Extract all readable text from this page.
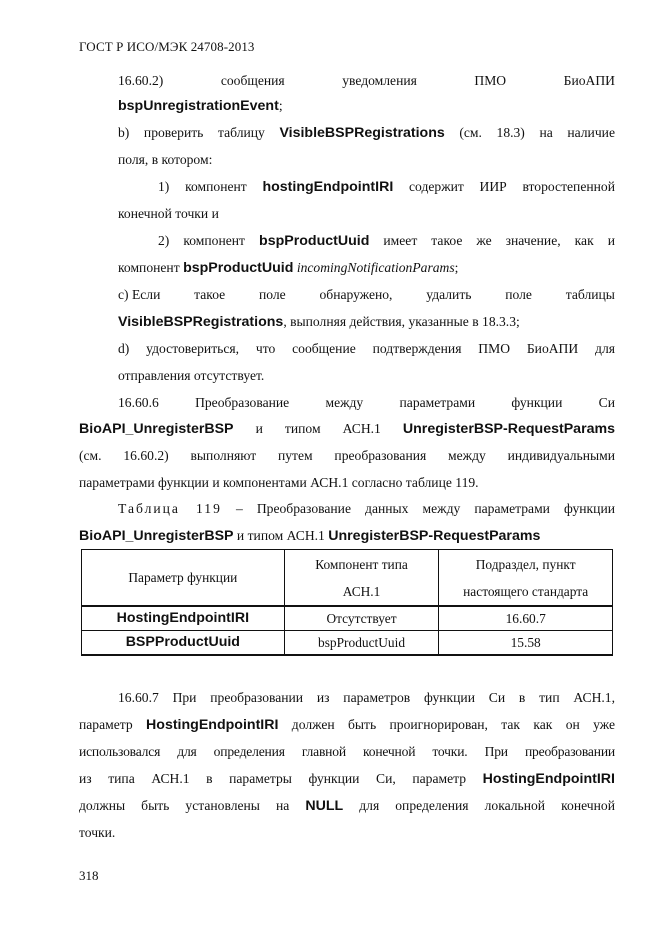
ГОСТ Р ИСО/МЭК 24708-2013
16.60.2)	сообщения	уведомления	ПМО	БиоАПИ
bspUnregistrationEvent;
b) проверить таблицу VisibleBSPRegistrations (см. 18.3) на наличие
поля, в котором:
1) компонент hostingEndpointIRI содержит ИИР второстепенной
конечной точки и
2) компонент bspProductUuid имеет такое же значение, как и
компонент bspProductUuid incomingNotificationParams;
с) Если такое поле обнаружено, удалить поле таблицы
VisibleBSPRegistrations, выполняя действия, указанные в 18.3.3;
d) удостовериться, что сообщение подтверждения ПМО БиоАПИ для
отправления отсутствует.
16.60.6	Преобразование	между	параметрами	функции	Си
BioAPI_UnregisterBSP и типом АСН.1 UnregisterBSP-RequestParams
(см. 16.60.2) выполняют путем преобразования между индивидуальными
параметрами функции и компонентами АСН.1 согласно таблице 119.
Таблица 119 – Преобразование данных между параметрами функции
BioAPI_UnregisterBSP и типом АСН.1 UnregisterBSP-RequestParams
Параметр функции	Компонент типа АСН.1	Подраздел, пункт настоящего стандарта
HostingEndpointIRI	Отсутствует	16.60.7
BSPProductUuid	bspProductUuid	15.58
16.60.7 При преобразовании из параметров функции Си в тип АСН.1,
параметр HostingEndpointIRI должен быть проигнорирован, так как он уже
использовался для определения главной конечной точки. При преобразовании
из типа АСН.1 в параметры функции Си, параметр HostingEndpointIRI
должны быть установлены на NULL для определения локальной конечной
точки.
318
